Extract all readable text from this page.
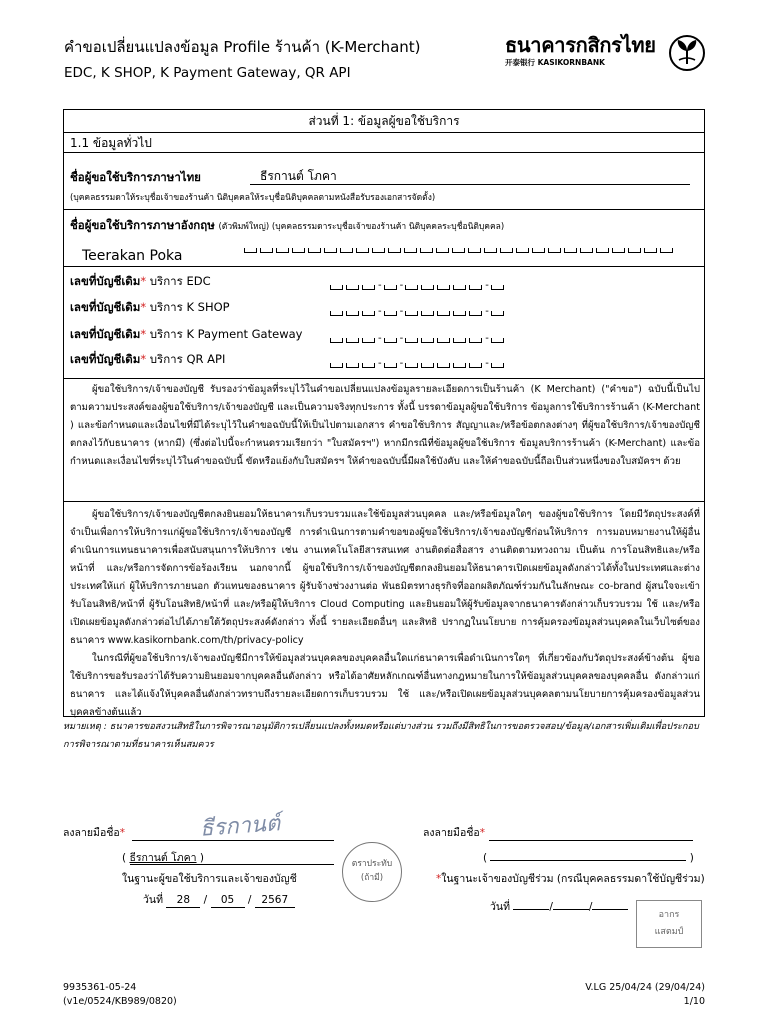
คำขอเปลี่ยนแปลงข้อมูล Profile ร้านค้า (K-Merchant)
EDC, K SHOP, K Payment Gateway, QR API
ธนาคารกสิกรไทย
开泰银行 KASIKORNBANK
ส่วนที่ 1: ข้อมูลผู้ขอใช้บริการ
1.1 ข้อมูลทั่วไป
ชื่อผู้ขอใช้บริการภาษาไทย	ธีรกานต์ โภคา
(บุคคลธรรมดาให้ระบุชื่อเจ้าของร้านค้า นิติบุคคลให้ระบุชื่อนิติบุคคลตามหนังสือรับรองเอกสารจัดตั้ง)
ชื่อผู้ขอใช้บริการภาษาอังกฤษ (ตัวพิมพ์ใหญ่) (บุคคลธรรมดาระบุชื่อเจ้าของร้านค้า นิติบุคคลระบุชื่อนิติบุคคล)
Teerakan Poka
เลขที่บัญชีเดิม* บริการ EDC	- -	-
เลขที่บัญชีเดิม* บริการ K SHOP	- -	-
เลขที่บัญชีเดิม* บริการ K Payment Gateway	- -	-
เลขที่บัญชีเดิม* บริการ QR API	- -	-

ผู้ขอใช้บริการ/เจ้าของบัญชี รับรองว่าข้อมูลที่ระบุไว้ในคำขอเปลี่ยนแปลงข้อมูลรายละเอียดการเป็นร้านค้า (K Merchant) ("คำขอ") ฉบับนี้เป็นไปตามความประสงค์ของผู้ขอใช้บริการ/เจ้าของบัญชี และเป็นความจริงทุกประการ ทั้งนี้ บรรดาข้อมูลผู้ขอใช้บริการ ข้อมูลการใช้บริการร้านค้า (K-Merchant ) และข้อกำหนดและเงื่อนไขที่มีได้ระบุไว้ในคำขอฉบับนี้ให้เป็นไปตามเอกสาร คำขอใช้บริการ สัญญาและ/หรือข้อตกลงต่างๆ ที่ผู้ขอใช้บริการ/เจ้าของบัญชีตกลงไว้กับธนาคาร (หากมี) (ซึ่งต่อไปนี้จะกำหนดรวมเรียกว่า "ใบสมัครฯ") หากมีกรณีที่ข้อมูลผู้ขอใช้บริการ ข้อมูลบริการร้านค้า (K-Merchant) และข้อกำหนดและเงื่อนไขที่ระบุไว้ในคำขอฉบับนี้ ขัดหรือแย้งกับใบสมัครฯ ให้คำขอฉบับนี้มีผลใช้บังคับ และให้คำขอฉบับนี้ถือเป็นส่วนหนึ่งของใบสมัครฯ ด้วย

ผู้ขอใช้บริการ/เจ้าของบัญชีตกลงยินยอมให้ธนาคารเก็บรวบรวมและใช้ข้อมูลส่วนบุคคล และ/หรือข้อมูลใดๆ ของผู้ขอใช้บริการ โดยมีวัตถุประสงค์ที่จำเป็นเพื่อการให้บริการแก่ผู้ขอใช้บริการ/เจ้าของบัญชี การดำเนินการตามคำขอของผู้ขอใช้บริการ/เจ้าของบัญชีก่อนให้บริการ การมอบหมายงานให้ผู้อื่นดำเนินการแทนธนาคารเพื่อสนับสนุนการให้บริการ เช่น งานเทคโนโลยีสารสนเทศ งานติดต่อสื่อสาร งานติดตามทวงถาม เป็นต้น การโอนสิทธิและ/หรือหน้าที่ และ/หรือการจัดการข้อร้องเรียน นอกจากนี้ ผู้ขอใช้บริการ/เจ้าของบัญชีตกลงยินยอมให้ธนาคารเปิดเผยข้อมูลดังกล่าวได้ทั้งในประเทศและต่างประเทศให้แก่ ผู้ให้บริการภายนอก ตัวแทนของธนาคาร ผู้รับจ้างช่วงงานต่อ พันธมิตรทางธุรกิจที่ออกผลิตภัณฑ์ร่วมกันในลักษณะ co-brand ผู้สนใจจะเข้ารับโอนสิทธิ/หน้าที่ ผู้รับโอนสิทธิ/หน้าที่ และ/หรือผู้ให้บริการ Cloud Computing และยินยอมให้ผู้รับข้อมูลจากธนาคารดังกล่าวเก็บรวบรวม ใช้ และ/หรือเปิดเผยข้อมูลดังกล่าวต่อไปได้ภายใต้วัตถุประสงค์ดังกล่าว ทั้งนี้ รายละเอียดอื่นๆ และสิทธิ ปรากฏในนโยบาย การคุ้มครองข้อมูลส่วนบุคคลในเว็บไซต์ของธนาคาร www.kasikornbank.com/th/privacy-policy

ในกรณีที่ผู้ขอใช้บริการ/เจ้าของบัญชีมีการให้ข้อมูลส่วนบุคคลของบุคคลอื่นใดแก่ธนาคารเพื่อดำเนินการใดๆ ที่เกี่ยวข้องกับวัตถุประสงค์ข้างต้น ผู้ขอใช้บริการขอรับรองว่าได้รับความยินยอมจากบุคคลอื่นดังกล่าว หรือได้อาศัยหลักเกณฑ์อื่นทางกฎหมายในการให้ข้อมูลส่วนบุคคลของบุคคลอื่น ดังกล่าวแก่ธนาคาร และได้แจ้งให้บุคคลอื่นดังกล่าวทราบถึงรายละเอียดการเก็บรวบรวม ใช้ และ/หรือเปิดเผยข้อมูลส่วนบุคคลตามนโยบายการคุ้มครองข้อมูลส่วนบุคคลข้างต้นแล้ว

หมายเหตุ : ธนาคารขอสงวนสิทธิในการพิจารณาอนุมัติการเปลี่ยนแปลงทั้งหมดหรือแต่บางส่วน รวมถึงมีสิทธิในการขอตรวจสอบ/ข้อมูล/เอกสารเพิ่มเติมเพื่อประกอบการพิจารณาตามที่ธนาคารเห็นสมควร
ลงลายมือชื่อ*	ธีรกานต์
( ธีรกานต์ โภคา )
ในฐานะผู้ขอใช้บริการและเจ้าของบัญชี
วันที่ 28 / 05 / 2567
ตราประทับ
(ถ้ามี)
ลงลายมือชื่อ*
(	)
*ในฐานะเจ้าของบัญชีร่วม (กรณีบุคคลธรรมดาใช้บัญชีร่วม)
วันที่	/	/
อากร
แสตมป์
9935361-05-24
(v1e/0524/KB989/0820)
V.LG 25/04/24 (29/04/24)
1/10
